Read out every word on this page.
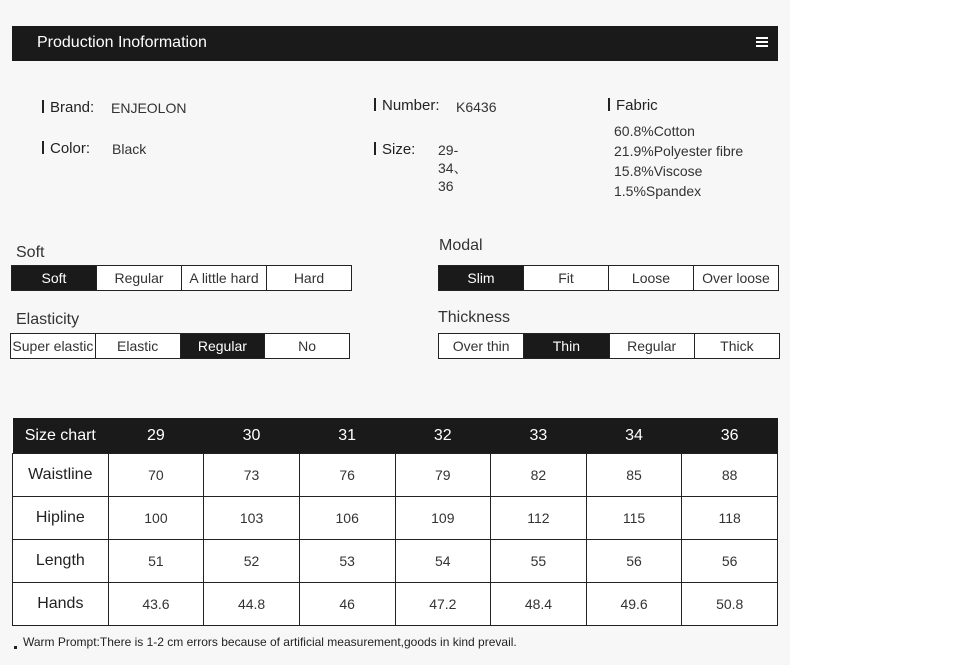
Production Inoformation
Brand: ENJEOLON
Color: Black
Number: K6436
Size: 29-34、36
Fabric
60.8%Cotton
21.9%Polyester fibre
15.8%Viscose
1.5%Spandex
Soft
Soft	Regular	A little hard	Hard
Elasticity
Super elastic	Elastic	Regular	No
Modal
Slim	Fit	Loose	Over loose
Thickness
Over thin	Thin	Regular	Thick
Size chart	29	30	31	32	33	34	36
Waistline	70	73	76	79	82	85	88
Hipline	100	103	106	109	112	115	118
Length	51	52	53	54	55	56	56
Hands	43.6	44.8	46	47.2	48.4	49.6	50.8
Warm Prompt:There is 1-2 cm errors because of artificial measurement,goods in kind prevail.
